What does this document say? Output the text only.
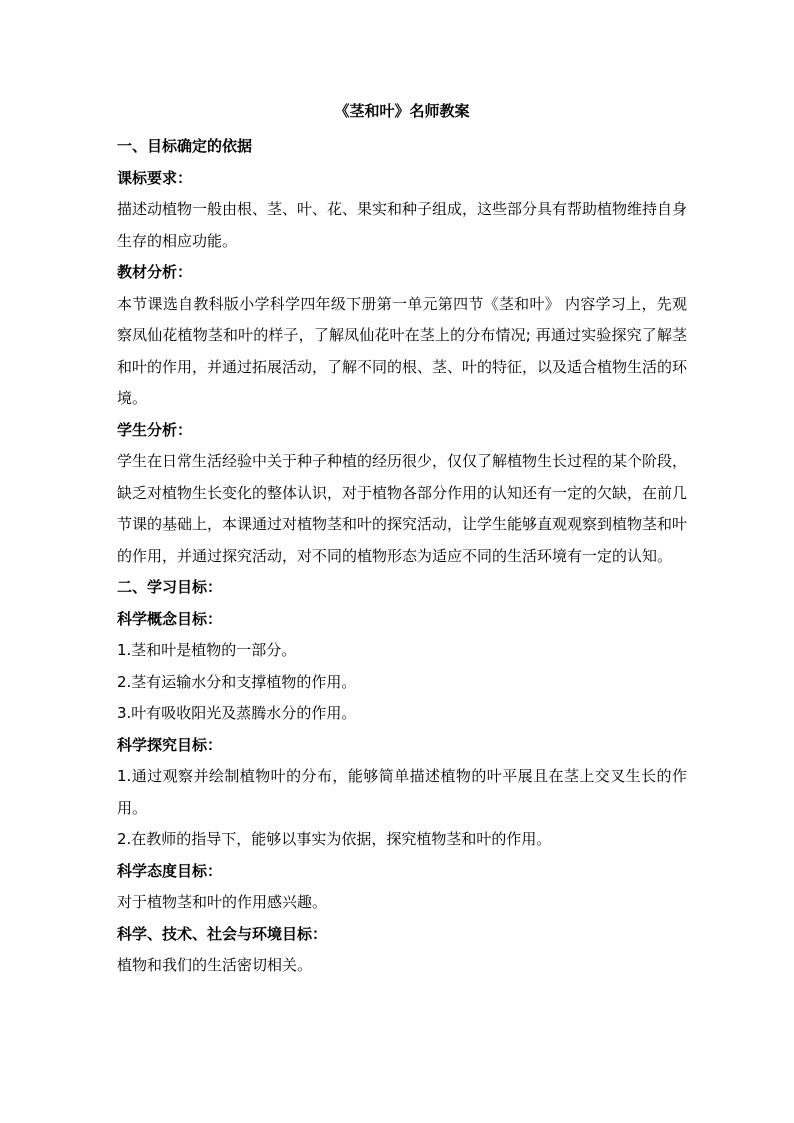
《茎和叶》名师教案

一、目标确定的依据

课标要求：

描述动植物一般由根、茎、叶、花、果实和种子组成，这些部分具有帮助植物维持自身生存的相应功能。

教材分析：

本节课选自教科版小学科学四年级下册第一单元第四节《茎和叶》 内容学习上，先观察凤仙花植物茎和叶的样子，了解凤仙花叶在茎上的分布情况; 再通过实验探究了解茎和叶的作用，并通过拓展活动，了解不同的根、茎、叶的特征，以及适合植物生活的环境。

学生分析：

学生在日常生活经验中关于种子种植的经历很少，仅仅了解植物生长过程的某个阶段，缺乏对植物生长变化的整体认识，对于植物各部分作用的认知还有一定的欠缺，在前几节课的基础上，本课通过对植物茎和叶的探究活动，让学生能够直观观察到植物茎和叶的作用，并通过探究活动，对不同的植物形态为适应不同的生活环境有一定的认知。

二、学习目标：

科学概念目标：

1.茎和叶是植物的一部分。

2.茎有运输水分和支撑植物的作用。

3.叶有吸收阳光及蒸腾水分的作用。

科学探究目标：

1.通过观察并绘制植物叶的分布，能够简单描述植物的叶平展且在茎上交叉生长的作用。

2.在教师的指导下，能够以事实为依据，探究植物茎和叶的作用。

科学态度目标：

对于植物茎和叶的作用感兴趣。

科学、技术、社会与环境目标：

植物和我们的生活密切相关。
